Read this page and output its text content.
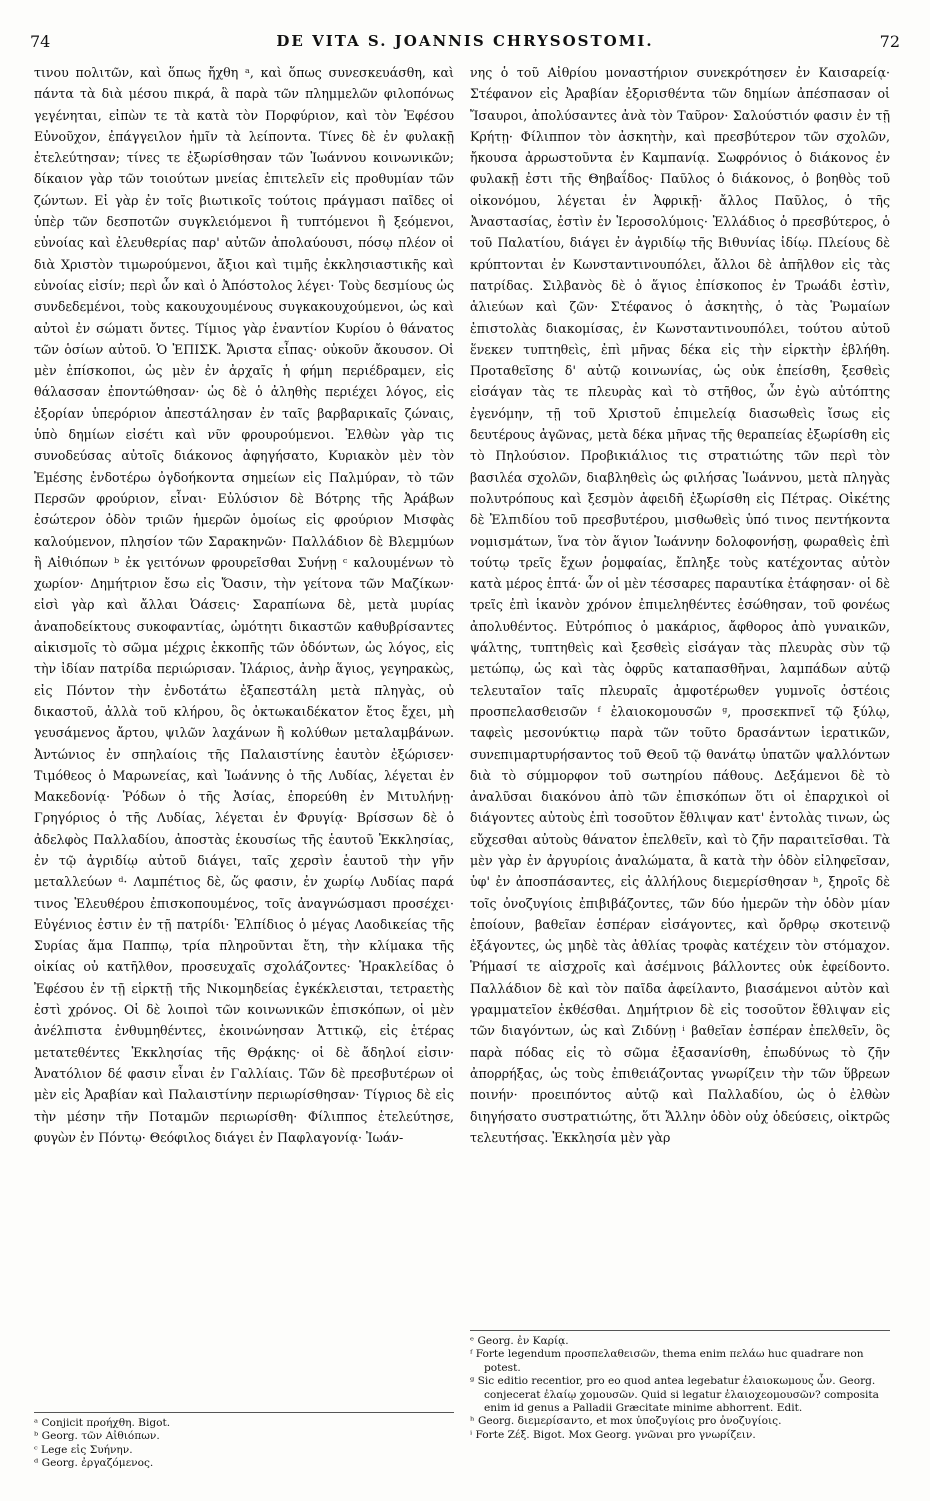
74	DE VITA S. JOANNIS CHRYSOSTOMI.	72

τινου πολιτῶν, καὶ ὅπως ἤχθη ᵃ, καὶ ὅπως συνεσκευάσθη, καὶ πάντα τὰ διὰ μέσου πικρά, ἃ παρὰ τῶν πλημμελῶν φιλοπόνως γεγένηται, εἰπὼν τε τὰ κατὰ τὸν Πορφύριον, καὶ τὸν Ἐφέσου Εὐνοῦχον, ἐπάγγειλον ἡμῖν τὰ λείποντα. Τίνες δὲ ἐν φυλακῇ ἐτελεύτησαν; τίνες τε ἐξωρίσθησαν τῶν Ἰωάννου κοινωνικῶν; δίκαιον γὰρ τῶν τοιούτων μνείας ἐπιτελεῖν εἰς προθυμίαν τῶν ζώντων. Εἰ γὰρ ἐν τοῖς βιωτικοῖς τούτοις πράγμασι παῖδες οἱ ὑπὲρ τῶν δεσποτῶν συγκλειόμενοι ἢ τυπτόμενοι ἢ ξεόμενοι, εὐνοίας καὶ ἐλευθερίας παρ' αὐτῶν ἀπολαύουσι, πόσῳ πλέον οἱ διὰ Χριστὸν τιμωρούμενοι, ἄξιοι καὶ τιμῆς ἐκκλησιαστικῆς καὶ εὐνοίας εἰσίν; περὶ ὧν καὶ ὁ Ἀπόστολος λέγει· Τοὺς δεσμίους ὡς συνδεδεμένοι, τοὺς κακουχουμένους συγκακουχούμενοι, ὡς καὶ αὐτοὶ ἐν σώματι ὄντες. Τίμιος γὰρ ἐναντίον Κυρίου ὁ θάνατος τῶν ὁσίων αὐτοῦ. Ὁ ἘΠΙΣΚ. Ἄριστα εἶπας· οὐκοῦν ἄκουσον. Οἱ μὲν ἐπίσκοποι, ὡς μὲν ἐν ἀρχαῖς ἡ φήμη περιέδραμεν, εἰς θάλασσαν ἐποντώθησαν· ὡς δὲ ὁ ἀληθὴς περιέχει λόγος, εἰς ἐξορίαν ὑπερόριον ἀπεστάλησαν ἐν ταῖς βαρβαρικαῖς ζώναις, ὑπὸ δημίων εἰσέτι καὶ νῦν φρουρούμενοι. Ἐλθὼν γὰρ τις συνοδεύσας αὐτοῖς διάκονος ἀφηγήσατο, Κυριακὸν μὲν τὸν Ἐμέσης ἐνδοτέρω ὀγδοήκοντα σημείων εἰς Παλμύραν, τὸ τῶν Περσῶν φρούριον, εἶναι· Εὐλύσιον δὲ Βότρης τῆς Ἀράβων ἐσώτερον ὁδὸν τριῶν ἡμερῶν ὁμοίως εἰς φρούριον Μισφὰς καλούμενον, πλησίον τῶν Σαρακηνῶν· Παλλάδιον δὲ Βλεμμύων ἢ Αἰθιόπων ᵇ ἐκ γειτόνων φρουρεῖσθαι Συήνῃ ᶜ καλουμένων τὸ χωρίον· Δημήτριον ἔσω εἰς Ὄασιν, τὴν γείτονα τῶν Μαζίκων· εἰσὶ γὰρ καὶ ἄλλαι Ὀάσεις· Σαραπίωνα δὲ, μετὰ μυρίας ἀναποδείκτους συκοφαντίας, ὠμότητι δικαστῶν καθυβρίσαντες αἰκισμοῖς τὸ σῶμα μέχρις ἐκκοπῆς τῶν ὀδόντων, ὡς λόγος, εἰς τὴν ἰδίαν πατρίδα περιώρισαν. Ἱλάριος, ἀνὴρ ἅγιος, γεγηρακὼς, εἰς Πόντον τὴν ἐνδοτάτω ἐξαπεστάλη μετὰ πληγὰς, οὐ δικαστοῦ, ἀλλὰ τοῦ κλήρου, ὃς ὀκτωκαιδέκατον ἔτος ἔχει, μὴ γευσάμενος ἄρτου, ψιλῶν λαχάνων ἢ κολύθων μεταλαμβάνων. Ἀντώνιος ἐν σπηλαίοις τῆς Παλαιστίνης ἑαυτὸν ἐξώρισεν· Τιμόθεος ὁ Μαρωνείας, καὶ Ἰωάννης ὁ τῆς Λυδίας, λέγεται ἐν Μακεδονίᾳ· Ῥόδων ὁ τῆς Ἀσίας, ἐπορεύθη ἐν Μιτυλήνῃ· Γρηγόριος ὁ τῆς Λυδίας, λέγεται ἐν Φρυγίᾳ· Βρίσσων δὲ ὁ ἀδελφὸς Παλλαδίου, ἀποστὰς ἑκουσίως τῆς ἑαυτοῦ Ἐκκλησίας, ἐν τῷ ἀγριδίῳ αὐτοῦ διάγει, ταῖς χερσὶν ἑαυτοῦ τὴν γῆν μεταλλεύων ᵈ· Λαμπέτιος δὲ, ὥς φασιν, ἐν χωρίῳ Λυδίας παρά τινος Ἐλευθέρου ἐπισκοπουμένος, τοῖς ἀναγνώσμασι προσέχει· Εὐγένιος ἐστιν ἐν τῇ πατρίδι· Ἐλπίδιος ὁ μέγας Λαοδικείας τῆς Συρίας ἅμα Παππῳ, τρία πληροῦνται ἔτη, τὴν κλίμακα τῆς οἰκίας οὐ κατῆλθον, προσευχαῖς σχολάζοντες· Ἡρακλείδας ὁ Ἐφέσου ἐν τῇ εἱρκτῇ τῆς Νικομηδείας ἐγκέκλεισται, τετραετὴς ἐστὶ χρόνος. Οἱ δὲ λοιποὶ τῶν κοινωνικῶν ἐπισκόπων, οἱ μὲν ἀνέλπιστα ἐνθυμηθέντες, ἐκοινώνησαν Ἀττικῷ, εἰς ἑτέρας μετατεθέντες Ἐκκλησίας τῆς Θρᾴκης· οἱ δὲ ἄδηλοί εἰσιν· Ἀνατόλιον δέ φασιν εἶναι ἐν Γαλλίαις. Τῶν δὲ πρεσβυτέρων οἱ μὲν εἰς Ἀραβίαν καὶ Παλαιστίνην περιωρίσθησαν· Τίγριος δὲ εἰς τὴν μέσην τῆν Ποταμῶν περιωρίσθη· Φίλιππος ἐτελεύτησε, φυγὼν ἐν Πόντῳ· Θεόφιλος διάγει ἐν Παφλαγονίᾳ· Ἰωάν-

νης ὁ τοῦ Αἰθρίου μοναστήριον συνεκρότησεν ἐν Καισαρείᾳ· Στέφανον εἰς Ἀραβίαν ἐξορισθέντα τῶν δημίων ἀπέσπασαν οἱ Ἴσαυροι, ἀπολύσαντες ἀνὰ τὸν Ταῦρον· Σαλούστιόν φασιν ἐν τῇ Κρήτῃ· Φίλιππον τὸν ἀσκητὴν, καὶ πρεσβύτερον τῶν σχολῶν, ἤκουσα ἀρρωστοῦντα ἐν Καμπανίᾳ. Σωφρόνιος ὁ διάκονος ἐν φυλακῇ ἐστι τῆς Θηβαΐδος· Παῦλος ὁ διάκονος, ὁ βοηθὸς τοῦ οἰκονόμου, λέγεται ἐν Ἀφρικῇ· ἄλλος Παῦλος, ὁ τῆς Ἀναστασίας, ἐστὶν ἐν Ἱεροσολύμοις· Ἑλλάδιος ὁ πρεσβύτερος, ὁ τοῦ Παλατίου, διάγει ἐν ἀγριδίῳ τῆς Βιθυνίας ἰδίῳ. Πλείους δὲ κρύπτονται ἐν Κωνσταντινουπόλει, ἄλλοι δὲ ἀπῆλθον εἰς τὰς πατρίδας. Σιλβανὸς δὲ ὁ ἅγιος ἐπίσκοπος ἐν Τρωάδι ἐστὶν, ἁλιεύων καὶ ζῶν· Στέφανος ὁ ἀσκητὴς, ὁ τὰς Ῥωμαίων ἐπιστολὰς διακομίσας, ἐν Κωνσταντινουπόλει, τούτου αὐτοῦ ἕνεκεν τυπτηθεὶς, ἐπὶ μῆνας δέκα εἰς τὴν εἱρκτὴν ἐβλήθη. Προταθεῖσης δ' αὐτῷ κοινωνίας, ὡς οὐκ ἐπείσθη, ξεσθεὶς εἰσάγαν τὰς τε πλευρὰς καὶ τὸ στῆθος, ὧν ἐγὼ αὐτόπτης ἐγενόμην, τῇ τοῦ Χριστοῦ ἐπιμελείᾳ διασωθεὶς ἴσως εἰς δευτέρους ἀγῶνας, μετὰ δέκα μῆνας τῆς θεραπείας ἐξωρίσθη εἰς τὸ Πηλούσιον. Προβικιάλιος τις στρατιώτης τῶν περὶ τὸν βασιλέα σχολῶν, διαβληθεὶς ὡς φιλήσας Ἰωάννου, μετὰ πληγὰς πολυτρόπους καὶ ξεσμὸν ἀφειδῆ ἐξωρίσθη εἰς Πέτρας. Οἰκέτης δὲ Ἐλπιδίου τοῦ πρεσβυτέρου, μισθωθεὶς ὑπό τινος πεντήκοντα νομισμάτων, ἵνα τὸν ἅγιον Ἰωάννην δολοφονήσῃ, φωραθεὶς ἐπὶ τούτῳ τρεῖς ἔχων ῥομφαίας, ἔπληξε τοὺς κατέχοντας αὐτὸν κατὰ μέρος ἑπτά· ὧν οἱ μὲν τέσσαρες παραυτίκα ἐτάφησαν· οἱ δὲ τρεῖς ἐπὶ ἱκανὸν χρόνον ἐπιμεληθέντες ἐσώθησαν, τοῦ φονέως ἀπολυθέντος. Εὐτρόπιος ὁ μακάριος, ἄφθορος ἀπὸ γυναικῶν, ψάλτης, τυπτηθεὶς καὶ ξεσθεὶς εἰσάγαν τὰς πλευρὰς σὺν τῷ μετώπῳ, ὡς καὶ τὰς ὀφρῦς καταπασθῆναι, λαμπάδων αὐτῷ τελευταῖον ταῖς πλευραῖς ἀμφοτέρωθεν γυμνοῖς ὀστέοις προσπελασθεισῶν ᶠ ἐλαιοκομουσῶν ᵍ, προσεκπνεῖ τῷ ξύλῳ, ταφεὶς μεσονύκτιῳ παρὰ τῶν τοῦτο δρασάντων ἱερατικῶν, συνεπιμαρτυρήσαντος τοῦ Θεοῦ τῷ θανάτῳ ὑπατῶν ψαλλόντων διὰ τὸ σύμμορφον τοῦ σωτηρίου πάθους. Δεξάμενοι δὲ τὸ ἀναλῦσαι διακόνου ἀπὸ τῶν ἐπισκόπων ὅτι οἱ ἐπαρχικοὶ οἱ διάγοντες αὐτοὺς ἐπὶ τοσοῦτον ἔθλιψαν κατ' ἐντολὰς τινων, ὡς εὔχεσθαι αὐτοὺς θάνατον ἐπελθεῖν, καὶ τὸ ζῆν παραιτεῖσθαι. Τὰ μὲν γὰρ ἐν ἀργυρίοις ἀναλώματα, ἃ κατὰ τὴν ὁδὸν εἰληφεῖσαν, ὑφ' ἐν ἀποσπάσαντες, εἰς ἀλλήλους διεμερίσθησαν ʰ, ξηροῖς δὲ τοῖς ὀνοζυγίοις ἐπιβιβάζοντες, τῶν δύο ἡμερῶν τὴν ὁδὸν μίαν ἐποίουν, βαθεῖαν ἑσπέραν εἰσάγοντες, καὶ ὄρθρῳ σκοτεινῷ ἐξάγοντες, ὡς μηδὲ τὰς ἀθλίας τροφὰς κατέχειν τὸν στόμαχον. Ῥήμασί τε αἰσχροῖς καὶ ἀσέμνοις βάλλοντες οὐκ ἐφείδοντο. Παλλάδιον δὲ καὶ τὸν παῖδα ἀφείλαντο, βιασάμενοι αὐτὸν καὶ γραμματεῖον ἐκθέσθαι. Δημήτριον δὲ εἰς τοσοῦτον ἔθλιψαν εἰς τῶν διαγόντων, ὡς καὶ Ζιδύνῃ ⁱ βαθεῖαν ἑσπέραν ἐπελθεῖν, ὃς παρὰ πόδας εἰς τὸ σῶμα ἐξασανίσθη, ἐπωδύνως τὸ ζῆν ἀπορρήξας, ὡς τοὺς ἐπιθειάζοντας γνωρίζειν τὴν τῶν ὕβρεων ποινήν· προειπόντος αὐτῷ καὶ Παλλαδίου, ὡς ὁ ἐλθὼν διηγήσατο συστρατιώτης, ὅτι Ἄλλην ὁδὸν οὐχ ὁδεύσεις, οἰκτρῶς τελευτήσας. Ἐκκλησία μὲν γὰρ

ᵃ Conjicit προήχθη. Bigot.
ᵇ Georg. τῶν Αἰθιόπων.
ᶜ Lege εἰς Συήνην.
ᵈ Georg. ἐργαζόμενος.
ᵉ Georg. ἐν Καρίᾳ.
ᶠ Forte legendum προσπελαθεισῶν, thema enim πελάω huc quadrare non potest.
ᵍ Sic editio recentior, pro eo quod antea legebatur ἐλαιοκωμους ὧν. Georg. conjecerat ἐλαίῳ χομουσῶν. Quid si legatur ἐλαιοχεομουσῶν? composita enim id genus a Palladii Græcitate minime abhorrent. Edit.
ʰ Georg. διεμερίσαντο, et mox ὑποζυγίοις pro ὀνοζυγίοις.
ⁱ Forte Ζέξ. Bigot. Mox Georg. γνῶναι pro γνωρίζειν.
